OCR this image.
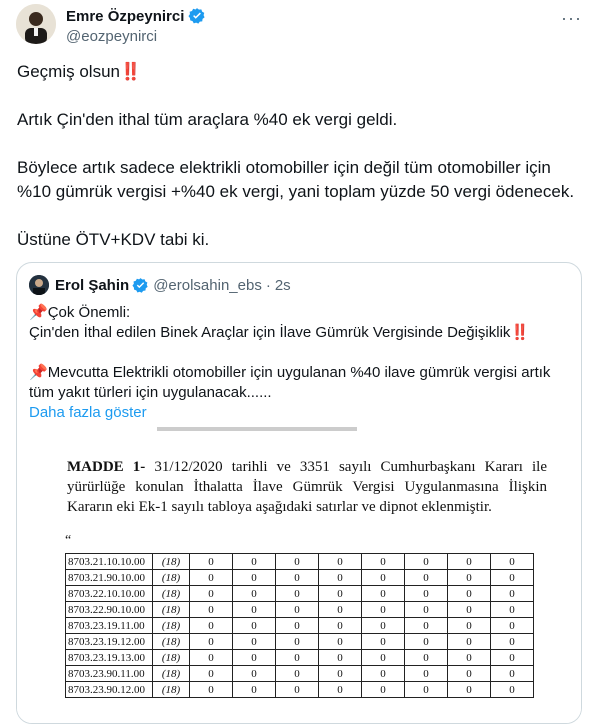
Emre Özpeynirci
@eozpeynirci
···

Geçmiş olsun‼️

Artık Çin'den ithal tüm araçlara %40 ek vergi geldi.

Böylece artık sadece elektrikli otomobiller için değil tüm otomobiller için
%10 gümrük vergisi +%40 ek vergi, yani toplam yüzde 50 vergi ödenecek.

Üstüne ÖTV+KDV tabi ki.

Erol Şahin @erolsahin_ebs · 2s

📌Çok Önemli:

Çin'den İthal edilen Binek Araçlar için İlave Gümrük Vergisinde Değişiklik‼️

📌Mevcutta Elektrikli otomobiller için uygulanan %40 ilave gümrük vergisi artık tüm yakıt türleri için uygulanacak......

Daha fazla göster

MADDE 1- 31/12/2020 tarihli ve 3351 sayılı Cumhurbaşkanı Kararı ile yürürlüğe konulan İthalatta İlave Gümrük Vergisi Uygulanmasına İlişkin Kararın eki Ek-1 sayılı tabloya aşağıdaki satırlar ve dipnot eklenmiştir.
“
8703.21.10.10.00	(18)	0	0	0	0	0	0	0	0
8703.21.90.10.00	(18)	0	0	0	0	0	0	0	0
8703.22.10.10.00	(18)	0	0	0	0	0	0	0	0
8703.22.90.10.00	(18)	0	0	0	0	0	0	0	0
8703.23.19.11.00	(18)	0	0	0	0	0	0	0	0
8703.23.19.12.00	(18)	0	0	0	0	0	0	0	0
8703.23.19.13.00	(18)	0	0	0	0	0	0	0	0
8703.23.90.11.00	(18)	0	0	0	0	0	0	0	0
8703.23.90.12.00	(18)	0	0	0	0	0	0	0	0
